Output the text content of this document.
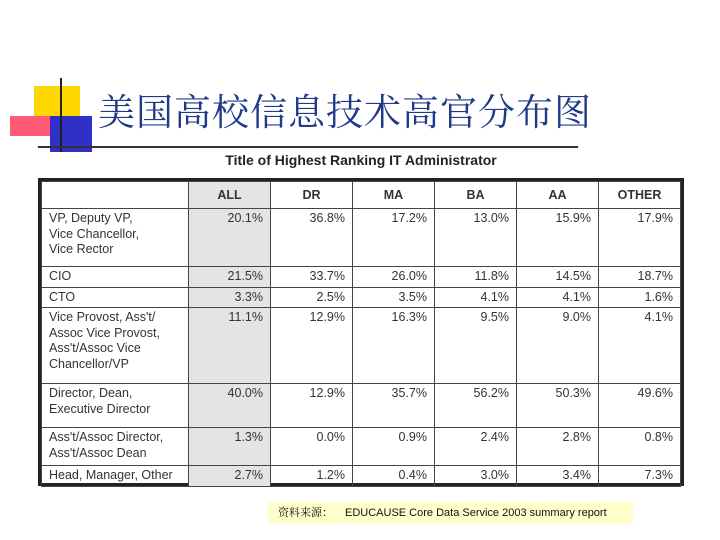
美国高校信息技术高官分布图
Title of Highest Ranking IT Administrator
	ALL	DR	MA	BA	AA	OTHER
VP, Deputy VP,
Vice Chancellor,
Vice Rector	20.1%	36.8%	17.2%	13.0%	15.9%	17.9%
CIO	21.5%	33.7%	26.0%	11.8%	14.5%	18.7%
CTO	3.3%	2.5%	3.5%	4.1%	4.1%	1.6%
Vice Provost, Ass't/
Assoc Vice Provost,
Ass't/Assoc Vice
Chancellor/VP	11.1%	12.9%	16.3%	9.5%	9.0%	4.1%
Director, Dean,
Executive Director	40.0%	12.9%	35.7%	56.2%	50.3%	49.6%
Ass't/Assoc Director,
Ass't/Assoc Dean	1.3%	0.0%	0.9%	2.4%	2.8%	0.8%
Head, Manager, Other	2.7%	1.2%	0.4%	3.0%	3.4%	7.3%
资料来源： EDUCAUSE Core Data Service 2003 summary report
